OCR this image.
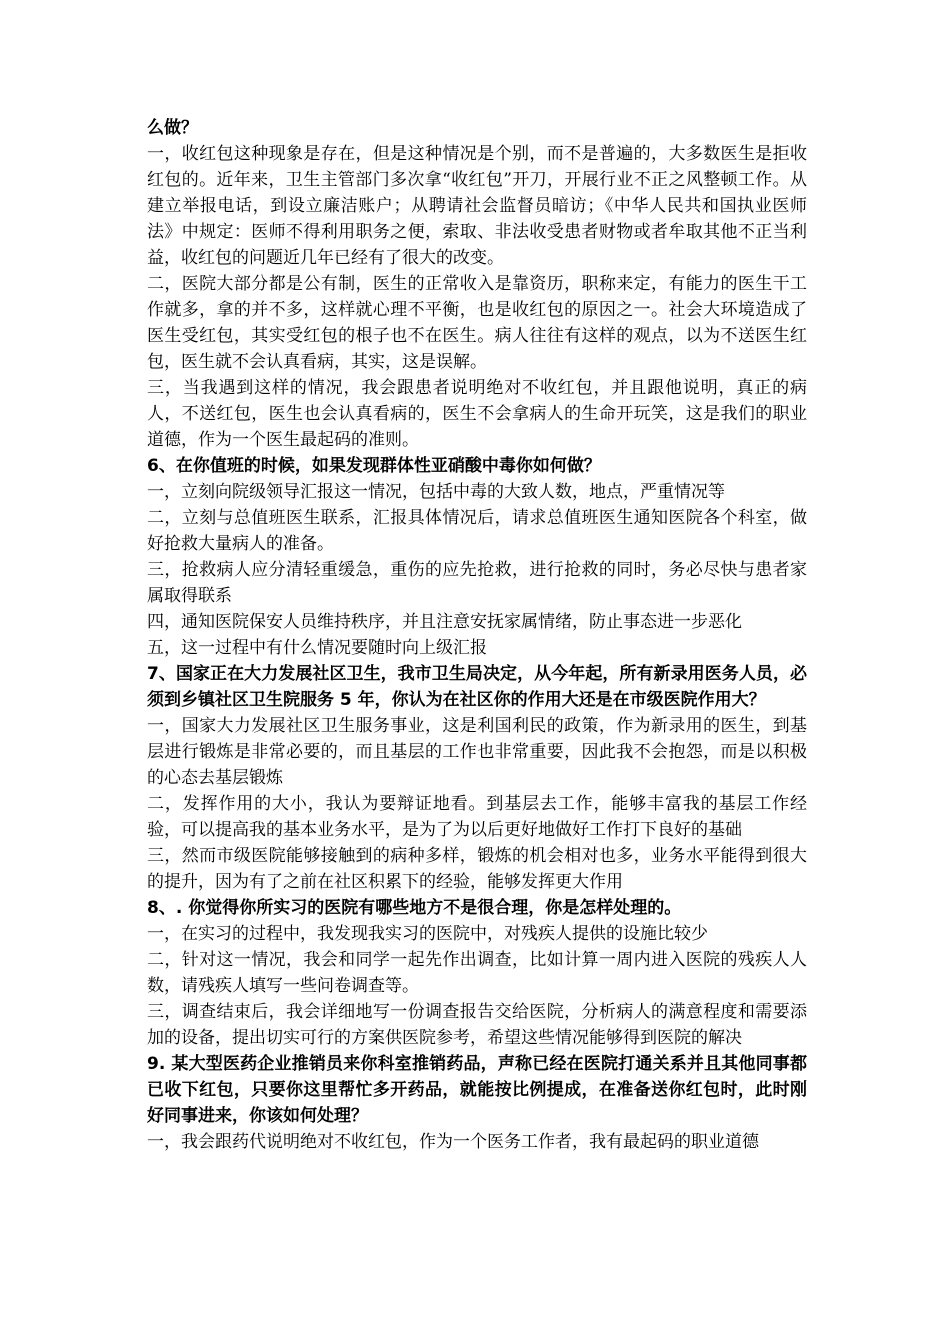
么做？

一，收红包这种现象是存在，但是这种情况是个别，而不是普遍的，大多数医生是拒收红包的。近年来，卫生主管部门多次拿“收红包”开刀，开展行业不正之风整顿工作。从建立举报电话，到设立廉洁账户；从聘请社会监督员暗访；《中华人民共和国执业医师法》中规定：医师不得利用职务之便，索取、非法收受患者财物或者牟取其他不正当利益，收红包的问题近几年已经有了很大的改变。

二，医院大部分都是公有制，医生的正常收入是靠资历，职称来定，有能力的医生干工作就多，拿的并不多，这样就心理不平衡，也是收红包的原因之一。社会大环境造成了医生受红包，其实受红包的根子也不在医生。病人往往有这样的观点，以为不送医生红包，医生就不会认真看病，其实，这是误解。

三，当我遇到这样的情况，我会跟患者说明绝对不收红包，并且跟他说明，真正的病人，不送红包，医生也会认真看病的，医生不会拿病人的生命开玩笑，这是我们的职业道德，作为一个医生最起码的准则。

6、在你值班的时候，如果发现群体性亚硝酸中毒你如何做？

一，立刻向院级领导汇报这一情况，包括中毒的大致人数，地点，严重情况等

二，立刻与总值班医生联系，汇报具体情况后，请求总值班医生通知医院各个科室，做好抢救大量病人的准备。

三，抢救病人应分清轻重缓急，重伤的应先抢救，进行抢救的同时，务必尽快与患者家属取得联系

四，通知医院保安人员维持秩序，并且注意安抚家属情绪，防止事态进一步恶化

五，这一过程中有什么情况要随时向上级汇报

7、国家正在大力发展社区卫生，我市卫生局决定，从今年起，所有新录用医务人员，必须到乡镇社区卫生院服务 5 年，你认为在社区你的作用大还是在市级医院作用大？

一，国家大力发展社区卫生服务事业，这是利国利民的政策，作为新录用的医生，到基层进行锻炼是非常必要的，而且基层的工作也非常重要，因此我不会抱怨，而是以积极的心态去基层锻炼

二，发挥作用的大小，我认为要辩证地看。到基层去工作，能够丰富我的基层工作经验，可以提高我的基本业务水平，是为了为以后更好地做好工作打下良好的基础

三，然而市级医院能够接触到的病种多样，锻炼的机会相对也多，业务水平能得到很大的提升，因为有了之前在社区积累下的经验，能够发挥更大作用

8、. 你觉得你所实习的医院有哪些地方不是很合理，你是怎样处理的。

一，在实习的过程中，我发现我实习的医院中，对残疾人提供的设施比较少

二，针对这一情况，我会和同学一起先作出调查，比如计算一周内进入医院的残疾人人数，请残疾人填写一些问卷调查等。

三，调查结束后，我会详细地写一份调查报告交给医院，分析病人的满意程度和需要添加的设备，提出切实可行的方案供医院参考，希望这些情况能够得到医院的解决

9. 某大型医药企业推销员来你科室推销药品，声称已经在医院打通关系并且其他同事都已收下红包，只要你这里帮忙多开药品，就能按比例提成，在准备送你红包时，此时刚好同事进来，你该如何处理？

一，我会跟药代说明绝对不收红包，作为一个医务工作者，我有最起码的职业道德
